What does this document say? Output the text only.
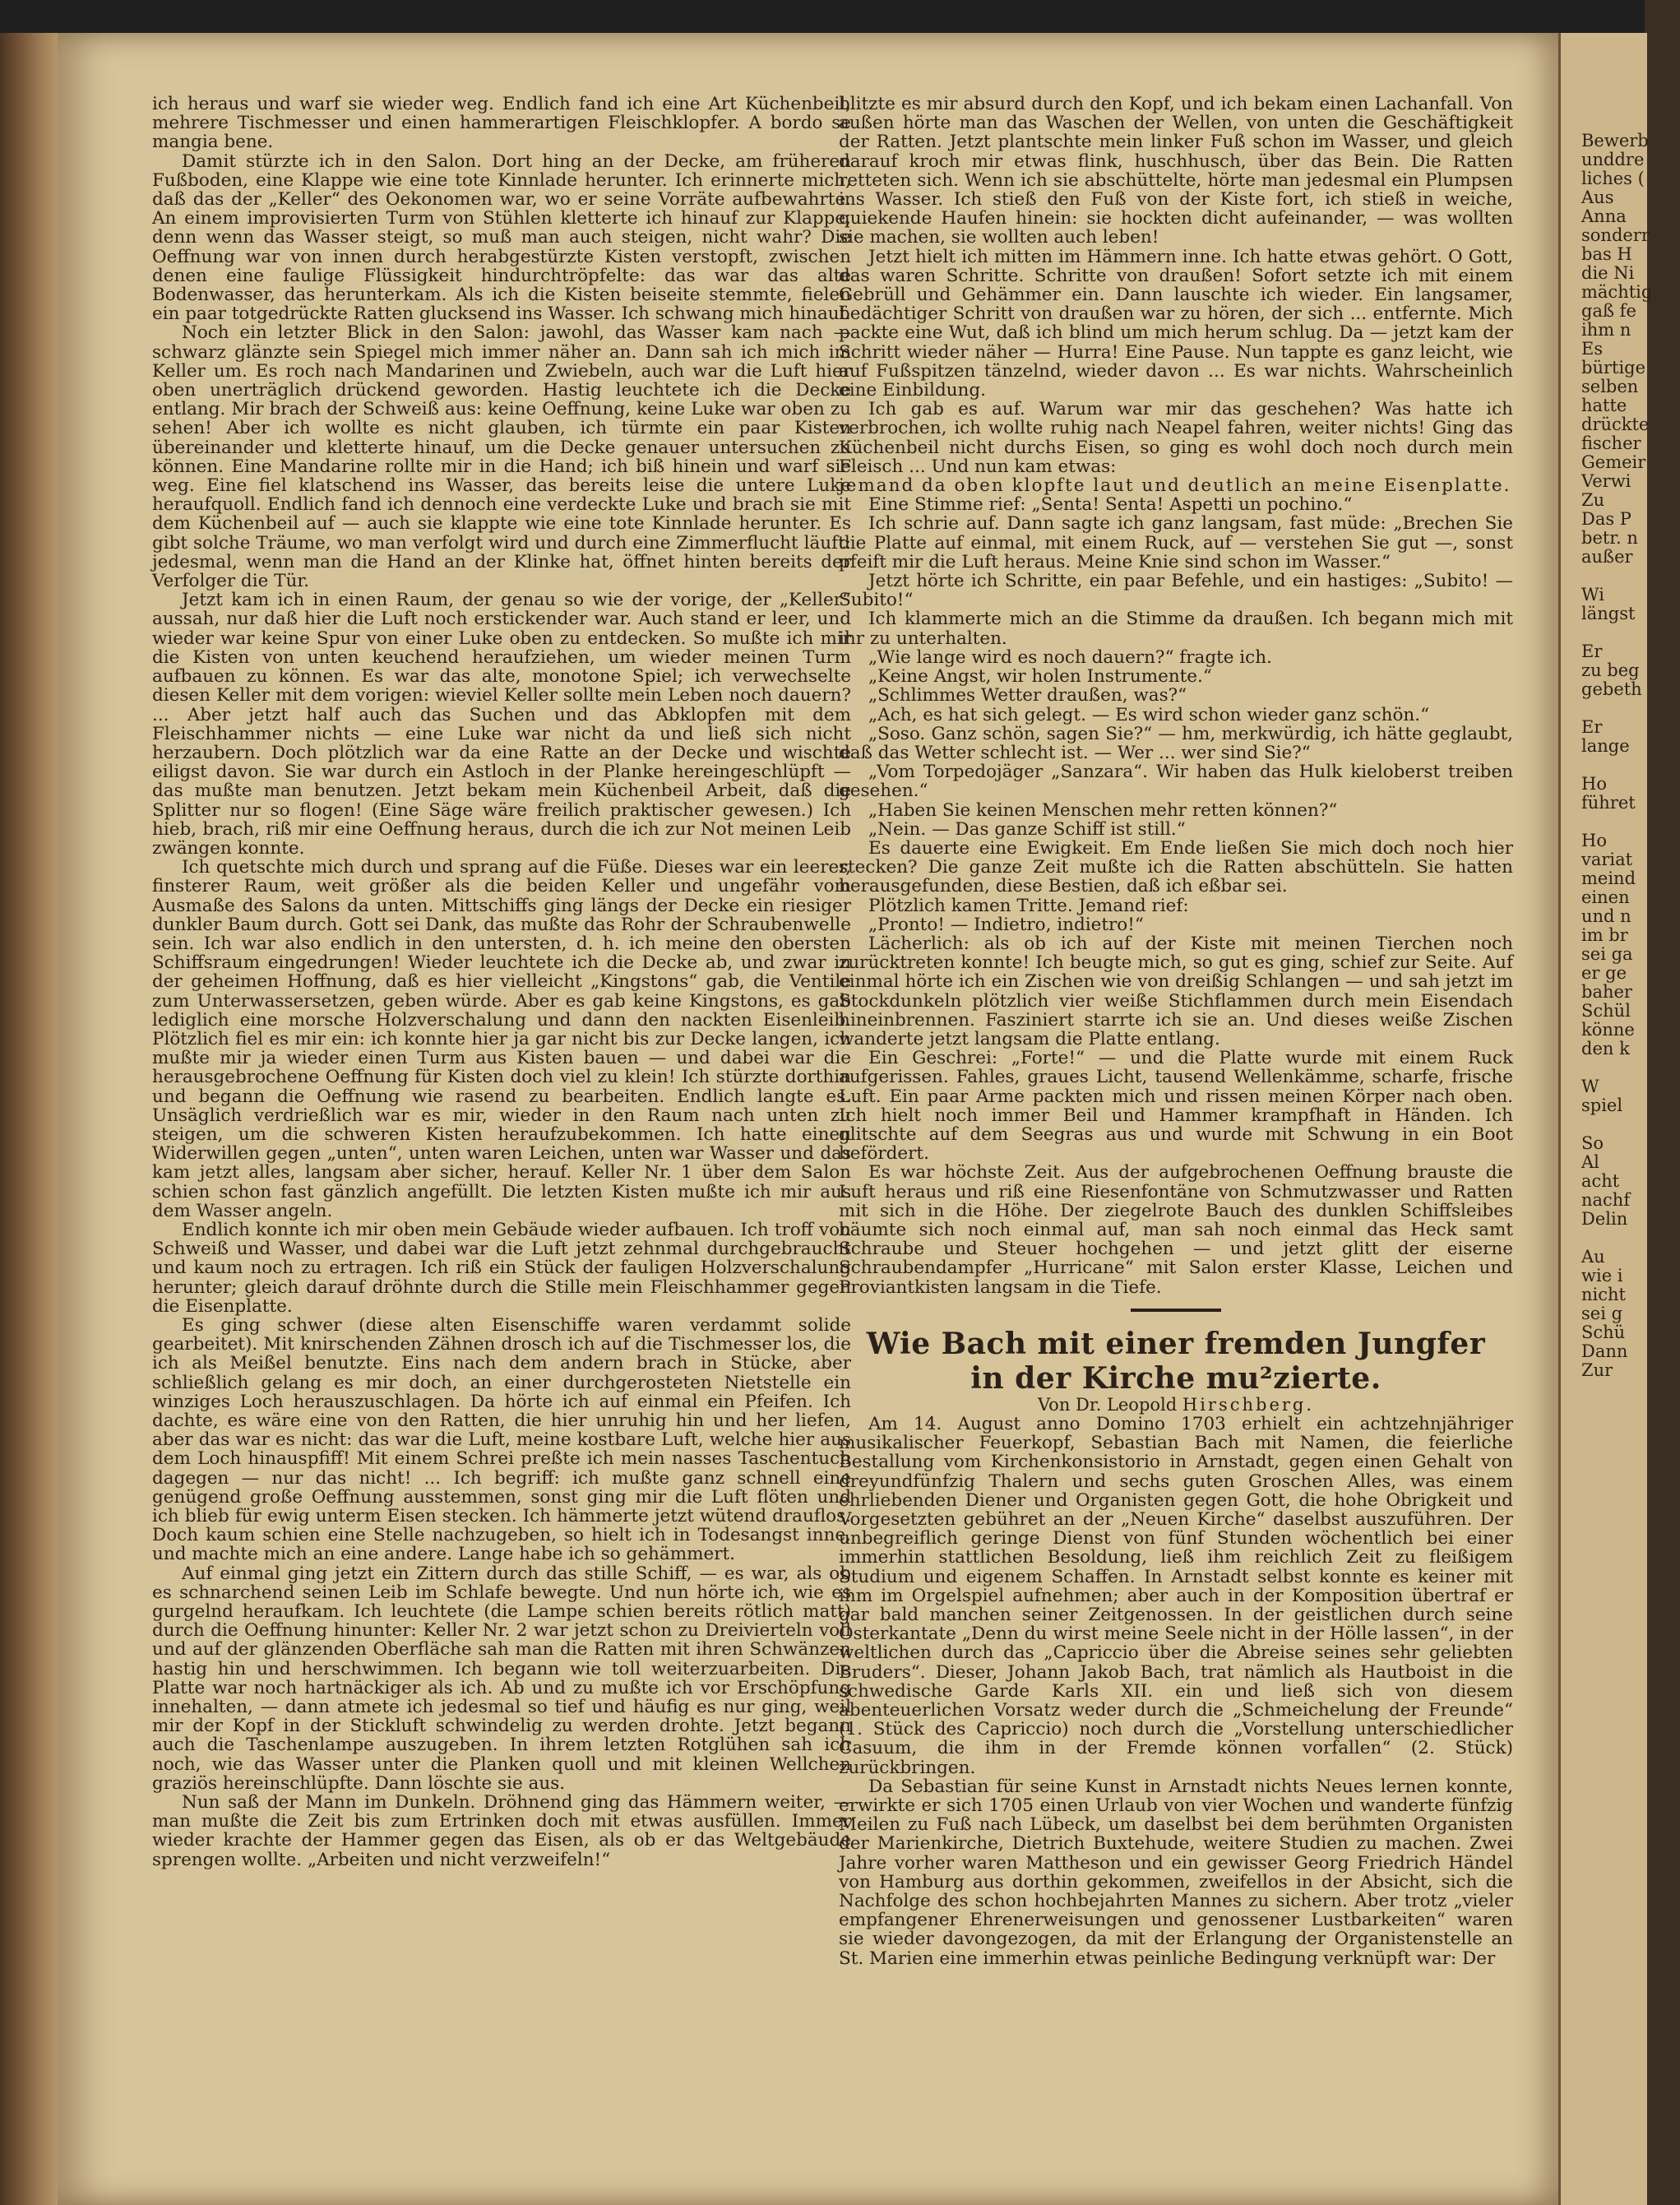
ich heraus und warf sie wieder weg. Endlich fand ich eine Art Küchenbeil, mehrere Tischmesser und einen hammerartigen Fleischklopfer. A bordo se mangia bene.

Damit stürzte ich in den Salon. Dort hing an der Decke, am früheren Fußboden, eine Klappe wie eine tote Kinnlade herunter. Ich erinnerte mich, daß das der „Keller“ des Oekonomen war, wo er seine Vorräte aufbewahrte. An einem improvisierten Turm von Stühlen kletterte ich hinauf zur Klappe, denn wenn das Wasser steigt, so muß man auch steigen, nicht wahr? Die Oeffnung war von innen durch herabgestürzte Kisten verstopft, zwischen denen eine faulige Flüssigkeit hindurchtröpfelte: das war das alte Bodenwasser, das herunterkam. Als ich die Kisten beiseite stemmte, fielen ein paar totgedrückte Ratten glucksend ins Wasser. Ich schwang mich hinauf.

Noch ein letzter Blick in den Salon: jawohl, das Wasser kam nach — schwarz glänzte sein Spiegel mich immer näher an. Dann sah ich mich im Keller um. Es roch nach Mandarinen und Zwiebeln, auch war die Luft hier oben unerträglich drückend geworden. Hastig leuchtete ich die Decke entlang. Mir brach der Schweiß aus: keine Oeffnung, keine Luke war oben zu sehen! Aber ich wollte es nicht glauben, ich türmte ein paar Kisten übereinander und kletterte hinauf, um die Decke genauer untersuchen zu können. Eine Mandarine rollte mir in die Hand; ich biß hinein und warf sie weg. Eine fiel klatschend ins Wasser, das bereits leise die untere Luke heraufquoll. Endlich fand ich dennoch eine verdeckte Luke und brach sie mit dem Küchenbeil auf — auch sie klappte wie eine tote Kinnlade herunter. Es gibt solche Träume, wo man verfolgt wird und durch eine Zimmerflucht läuft: jedesmal, wenn man die Hand an der Klinke hat, öffnet hinten bereits der Verfolger die Tür.

Jetzt kam ich in einen Raum, der genau so wie der vorige, der „Keller“ aussah, nur daß hier die Luft noch erstickender war. Auch stand er leer, und wieder war keine Spur von einer Luke oben zu entdecken. So mußte ich mir die Kisten von unten keuchend heraufziehen, um wieder meinen Turm aufbauen zu können. Es war das alte, monotone Spiel; ich verwechselte diesen Keller mit dem vorigen: wieviel Keller sollte mein Leben noch dauern? ... Aber jetzt half auch das Suchen und das Abklopfen mit dem Fleischhammer nichts — eine Luke war nicht da und ließ sich nicht herzaubern. Doch plötzlich war da eine Ratte an der Decke und wischte eiligst davon. Sie war durch ein Astloch in der Planke hereingeschlüpft — das mußte man benutzen. Jetzt bekam mein Küchenbeil Arbeit, daß die Splitter nur so flogen! (Eine Säge wäre freilich praktischer gewesen.) Ich hieb, brach, riß mir eine Oeffnung heraus, durch die ich zur Not meinen Leib zwängen konnte.

Ich quetschte mich durch und sprang auf die Füße. Dieses war ein leerer, finsterer Raum, weit größer als die beiden Keller und ungefähr vom Ausmaße des Salons da unten. Mittschiffs ging längs der Decke ein riesiger dunkler Baum durch. Gott sei Dank, das mußte das Rohr der Schraubenwelle sein. Ich war also endlich in den untersten, d. h. ich meine den obersten Schiffsraum eingedrungen! Wieder leuchtete ich die Decke ab, und zwar in der geheimen Hoffnung, daß es hier vielleicht „Kingstons“ gab, die Ventile zum Unterwassersetzen, geben würde. Aber es gab keine Kingstons, es gab lediglich eine morsche Holzverschalung und dann den nackten Eisenleib. Plötzlich fiel es mir ein: ich konnte hier ja gar nicht bis zur Decke langen, ich mußte mir ja wieder einen Turm aus Kisten bauen — und dabei war die herausgebrochene Oeffnung für Kisten doch viel zu klein! Ich stürzte dorthin und begann die Oeffnung wie rasend zu bearbeiten. Endlich langte es. Unsäglich verdrießlich war es mir, wieder in den Raum nach unten zu steigen, um die schweren Kisten heraufzubekommen. Ich hatte einen Widerwillen gegen „unten“, unten waren Leichen, unten war Wasser und das kam jetzt alles, langsam aber sicher, herauf. Keller Nr. 1 über dem Salon schien schon fast gänzlich angefüllt. Die letzten Kisten mußte ich mir aus dem Wasser angeln.

Endlich konnte ich mir oben mein Gebäude wieder aufbauen. Ich troff von Schweiß und Wasser, und dabei war die Luft jetzt zehnmal durchgebraucht und kaum noch zu ertragen. Ich riß ein Stück der fauligen Holzverschalung herunter; gleich darauf dröhnte durch die Stille mein Fleischhammer gegen die Eisenplatte.

Es ging schwer (diese alten Eisenschiffe waren verdammt solide gearbeitet). Mit knirschenden Zähnen drosch ich auf die Tischmesser los, die ich als Meißel benutzte. Eins nach dem andern brach in Stücke, aber schließlich gelang es mir doch, an einer durchgerosteten Nietstelle ein winziges Loch herauszuschlagen. Da hörte ich auf einmal ein Pfeifen. Ich dachte, es wäre eine von den Ratten, die hier unruhig hin und her liefen, aber das war es nicht: das war die Luft, meine kostbare Luft, welche hier aus dem Loch hinauspfiff! Mit einem Schrei preßte ich mein nasses Taschentuch dagegen — nur das nicht! ... Ich begriff: ich mußte ganz schnell eine genügend große Oeffnung ausstemmen, sonst ging mir die Luft flöten und ich blieb für ewig unterm Eisen stecken. Ich hämmerte jetzt wütend drauflos. Doch kaum schien eine Stelle nachzugeben, so hielt ich in Todesangst inne, und machte mich an eine andere. Lange habe ich so gehämmert.

Auf einmal ging jetzt ein Zittern durch das stille Schiff, — es war, als ob es schnarchend seinen Leib im Schlafe bewegte. Und nun hörte ich, wie es gurgelnd heraufkam. Ich leuchtete (die Lampe schien bereits rötlich matt) durch die Oeffnung hinunter: Keller Nr. 2 war jetzt schon zu Dreivierteln voll und auf der glänzenden Oberfläche sah man die Ratten mit ihren Schwänzen hastig hin und herschwimmen. Ich begann wie toll weiterzuarbeiten. Die Platte war noch hartnäckiger als ich. Ab und zu mußte ich vor Erschöpfung innehalten, — dann atmete ich jedesmal so tief und häufig es nur ging, weil mir der Kopf in der Stickluft schwindelig zu werden drohte. Jetzt begann auch die Taschenlampe auszugeben. In ihrem letzten Rotglühen sah ich noch, wie das Wasser unter die Planken quoll und mit kleinen Wellchen graziös hereinschlüpfte. Dann löschte sie aus.

Nun saß der Mann im Dunkeln. Dröhnend ging das Hämmern weiter, — man mußte die Zeit bis zum Ertrinken doch mit etwas ausfüllen. Immer wieder krachte der Hammer gegen das Eisen, als ob er das Weltgebäude sprengen wollte. „Arbeiten und nicht verzweifeln!“

blitzte es mir absurd durch den Kopf, und ich bekam einen Lachanfall. Von außen hörte man das Waschen der Wellen, von unten die Geschäftigkeit der Ratten. Jetzt plantschte mein linker Fuß schon im Wasser, und gleich darauf kroch mir etwas flink, huschhusch, über das Bein. Die Ratten retteten sich. Wenn ich sie abschüttelte, hörte man jedesmal ein Plumpsen ins Wasser. Ich stieß den Fuß von der Kiste fort, ich stieß in weiche, quiekende Haufen hinein: sie hockten dicht aufeinander, — was wollten sie machen, sie wollten auch leben!

Jetzt hielt ich mitten im Hämmern inne. Ich hatte etwas gehört. O Gott, das waren Schritte. Schritte von draußen! Sofort setzte ich mit einem Gebrüll und Gehämmer ein. Dann lauschte ich wieder. Ein langsamer, bedächtiger Schritt von draußen war zu hören, der sich ... entfernte. Mich packte eine Wut, daß ich blind um mich herum schlug. Da — jetzt kam der Schritt wieder näher — Hurra! Eine Pause. Nun tappte es ganz leicht, wie auf Fußspitzen tänzelnd, wieder davon ... Es war nichts. Wahrscheinlich eine Einbildung.

Ich gab es auf. Warum war mir das geschehen? Was hatte ich verbrochen, ich wollte ruhig nach Neapel fahren, weiter nichts! Ging das Küchenbeil nicht durchs Eisen, so ging es wohl doch noch durch mein Fleisch ... Und nun kam etwas:

jemand da oben klopfte laut und deutlich an meine Eisenplatte.

Eine Stimme rief: „Senta! Senta! Aspetti un pochino.“

Ich schrie auf. Dann sagte ich ganz langsam, fast müde: „Brechen Sie die Platte auf einmal, mit einem Ruck, auf — verstehen Sie gut —, sonst pfeift mir die Luft heraus. Meine Knie sind schon im Wasser.“

Jetzt hörte ich Schritte, ein paar Befehle, und ein hastiges: „Subito! — Subito!“

Ich klammerte mich an die Stimme da draußen. Ich begann mich mit ihr zu unterhalten.

„Wie lange wird es noch dauern?“ fragte ich.

„Keine Angst, wir holen Instrumente.“

„Schlimmes Wetter draußen, was?“

„Ach, es hat sich gelegt. — Es wird schon wieder ganz schön.“

„Soso. Ganz schön, sagen Sie?“ — hm, merkwürdig, ich hätte geglaubt, daß das Wetter schlecht ist. — Wer ... wer sind Sie?“

„Vom Torpedojäger „Sanzara“. Wir haben das Hulk kieloberst treiben gesehen.“

„Haben Sie keinen Menschen mehr retten können?“

„Nein. — Das ganze Schiff ist still.“

Es dauerte eine Ewigkeit. Em Ende ließen Sie mich doch noch hier stecken? Die ganze Zeit mußte ich die Ratten abschütteln. Sie hatten herausgefunden, diese Bestien, daß ich eßbar sei.

Plötzlich kamen Tritte. Jemand rief:

„Pronto! — Indietro, indietro!“

Lächerlich: als ob ich auf der Kiste mit meinen Tierchen noch zurücktreten konnte! Ich beugte mich, so gut es ging, schief zur Seite. Auf einmal hörte ich ein Zischen wie von dreißig Schlangen — und sah jetzt im Stockdunkeln plötzlich vier weiße Stichflammen durch mein Eisendach hineinbrennen. Fasziniert starrte ich sie an. Und dieses weiße Zischen wanderte jetzt langsam die Platte entlang.

Ein Geschrei: „Forte!“ — und die Platte wurde mit einem Ruck aufgerissen. Fahles, graues Licht, tausend Wellenkämme, scharfe, frische Luft. Ein paar Arme packten mich und rissen meinen Körper nach oben. Ich hielt noch immer Beil und Hammer krampfhaft in Händen. Ich glitschte auf dem Seegras aus und wurde mit Schwung in ein Boot befördert.

Es war höchste Zeit. Aus der aufgebrochenen Oeffnung brauste die Luft heraus und riß eine Riesenfontäne von Schmutzwasser und Ratten mit sich in die Höhe. Der ziegelrote Bauch des dunklen Schiffsleibes bäumte sich noch einmal auf, man sah noch einmal das Heck samt Schraube und Steuer hochgehen — und jetzt glitt der eiserne Schraubendampfer „Hurricane“ mit Salon erster Klasse, Leichen und Proviantkisten langsam in die Tiefe.

Wie Bach mit einer fremden Jungfer
in der Kirche mu²ziertе.

Von Dr. Leopold Hirschberg.

Am 14. August anno Domino 1703 erhielt ein achtzehnjähriger musikalischer Feuerkopf, Sebastian Bach mit Namen, die feierliche Bestallung vom Kirchenkonsistorio in Arnstadt, gegen einen Gehalt von dreyundfünfzig Thalern und sechs guten Groschen Alles, was einem ehrliebenden Diener und Organisten gegen Gott, die hohe Obrigkeit und Vorgesetzten gebühret an der „Neuen Kirche“ daselbst auszuführen. Der unbegreiflich geringe Dienst von fünf Stunden wöchentlich bei einer immerhin stattlichen Besoldung, ließ ihm reichlich Zeit zu fleißigem Studium und eigenem Schaffen. In Arnstadt selbst konnte es keiner mit ihm im Orgelspiel aufnehmen; aber auch in der Komposition übertraf er gar bald manchen seiner Zeitgenossen. In der geistlichen durch seine Osterkantate „Denn du wirst meine Seele nicht in der Hölle lassen“, in der weltlichen durch das „Capriccio über die Abreise seines sehr geliebten Bruders“. Dieser, Johann Jakob Bach, trat nämlich als Hautboist in die schwedische Garde Karls XII. ein und ließ sich von diesem abenteuerlichen Vorsatz weder durch die „Schmeichelung der Freunde“ (1. Stück des Capriccio) noch durch die „Vorstellung unterschiedlicher Casuum, die ihm in der Fremde können vorfallen“ (2. Stück) zurückbringen.

Da Sebastian für seine Kunst in Arnstadt nichts Neues lernen konnte, erwirkte er sich 1705 einen Urlaub von vier Wochen und wanderte fünfzig Meilen zu Fuß nach Lübeck, um daselbst bei dem berühmten Organisten der Marienkirche, Dietrich Buxtehude, weitere Studien zu machen. Zwei Jahre vorher waren Mattheson und ein gewisser Georg Friedrich Händel von Hamburg aus dorthin gekommen, zweifellos in der Absicht, sich die Nachfolge des schon hochbejahrten Mannes zu sichern. Aber trotz „vieler empfangener Ehrenerweisungen und genossener Lustbarkeiten“ waren sie wieder davongezogen, da mit der Erlangung der Organistenstelle an St. Marien eine immerhin etwas peinliche Bedingung verknüpft war: Der

Bewerb
unddre
liches (
Aus
Anna
sonderr
bas H
die Ni
mächtig
gaß fe
ihm n
Es
bürtige
selben
hatte
drückte
fischer
Gemeir
Verwi
Zu
Das P
betr. n
außer
Wi
längst
Er
zu beg
gebeth
Er
lange
Ho
führet
Ho
variat
meind
einen
und n
im br
sei ga
er ge
baher
Schül
könne
den k
W
spiel
So
Al
acht
nachf
Delin
Au
wie i
nicht
sei g
Schü
Dann
Zur
